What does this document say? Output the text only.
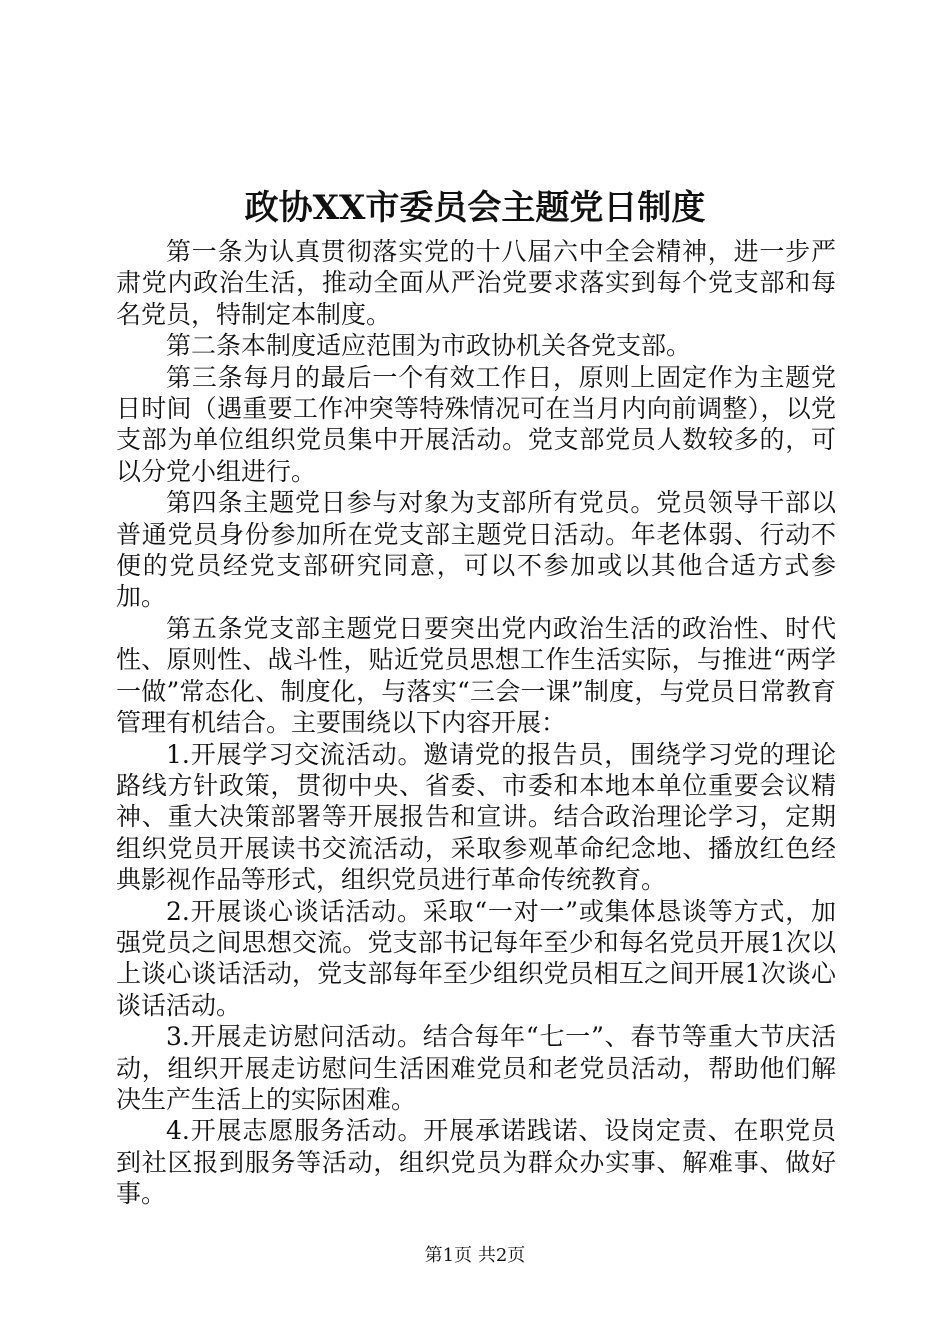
政协XX市委员会主题党日制度

第一条为认真贯彻落实党的十八届六中全会精神，进一步严肃党内政治生活，推动全面从严治党要求落实到每个党支部和每名党员，特制定本制度。

第二条本制度适应范围为市政协机关各党支部。

第三条每月的最后一个有效工作日，原则上固定作为主题党日时间（遇重要工作冲突等特殊情况可在当月内向前调整），以党支部为单位组织党员集中开展活动。党支部党员人数较多的，可以分党小组进行。

第四条主题党日参与对象为支部所有党员。党员领导干部以普通党员身份参加所在党支部主题党日活动。年老体弱、行动不便的党员经党支部研究同意，可以不参加或以其他合适方式参加。

第五条党支部主题党日要突出党内政治生活的政治性、时代性、原则性、战斗性，贴近党员思想工作生活实际，与推进“两学一做”常态化、制度化，与落实“三会一课”制度，与党员日常教育管理有机结合。主要围绕以下内容开展：

1.开展学习交流活动。邀请党的报告员，围绕学习党的理论路线方针政策，贯彻中央、省委、市委和本地本单位重要会议精神、重大决策部署等开展报告和宣讲。结合政治理论学习，定期组织党员开展读书交流活动，采取参观革命纪念地、播放红色经典影视作品等形式，组织党员进行革命传统教育。

2.开展谈心谈话活动。采取“一对一”或集体恳谈等方式，加强党员之间思想交流。党支部书记每年至少和每名党员开展1次以上谈心谈话活动，党支部每年至少组织党员相互之间开展1次谈心谈话活动。

3.开展走访慰问活动。结合每年“七一”、春节等重大节庆活动，组织开展走访慰问生活困难党员和老党员活动，帮助他们解决生产生活上的实际困难。

4.开展志愿服务活动。开展承诺践诺、设岗定责、在职党员到社区报到服务等活动，组织党员为群众办实事、解难事、做好事。

第1页 共2页
